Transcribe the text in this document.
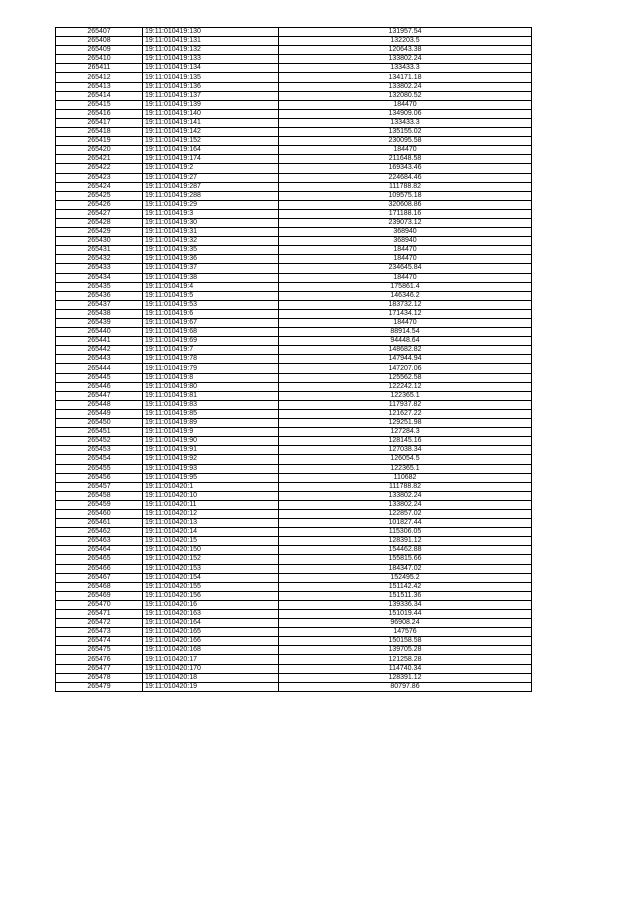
265407	19:11:010419:130	131957.54
265408	19:11:010419:131	132203.5
265409	19:11:010419:132	120643.38
265410	19:11:010419:133	133802.24
265411	19:11:010419:134	133433.3
265412	19:11:010419:135	134171.18
265413	19:11:010419:136	133802.24
265414	19:11:010419:137	132080.52
265415	19:11:010419:139	184470
265416	19:11:010419:140	134909.06
265417	19:11:010419:141	133433.3
265418	19:11:010419:142	135155.02
265419	19:11:010419:152	230095.58
265420	19:11:010419:164	184470
265421	19:11:010419:174	211648.58
265422	19:11:010419:2	169343.46
265423	19:11:010419:27	224684.46
265424	19:11:010419:287	111788.82
265425	19:11:010419:288	109575.18
265426	19:11:010419:29	320608.86
265427	19:11:010419:3	171188.16
265428	19:11:010419:30	239073.12
265429	19:11:010419:31	368940
265430	19:11:010419:32	368940
265431	19:11:010419:35	184470
265432	19:11:010419:36	184470
265433	19:11:010419:37	234645.84
265434	19:11:010419:38	184470
265435	19:11:010419:4	175861.4
265436	19:11:010419:5	146346.2
265437	19:11:010419:53	183732.12
265438	19:11:010419:6	171434.12
265439	19:11:010419:67	184470
265440	19:11:010419:68	88914.54
265441	19:11:010419:69	94448.64
265442	19:11:010419:7	148682.82
265443	19:11:010419:78	147944.94
265444	19:11:010419:79	147207.06
265445	19:11:010419:8	125562.58
265446	19:11:010419:80	122242.12
265447	19:11:010419:81	122365.1
265448	19:11:010419:83	117937.82
265449	19:11:010419:85	121627.22
265450	19:11:010419:89	129251.98
265451	19:11:010419:9	127284.3
265452	19:11:010419:90	128145.16
265453	19:11:010419:91	127038.34
265454	19:11:010419:92	126054.5
265455	19:11:010419:93	122365.1
265456	19:11:010419:95	110682
265457	19:11:010420:1	111788.82
265458	19:11:010420:10	133802.24
265459	19:11:010420:11	133802.24
265460	19:11:010420:12	122857.02
265461	19:11:010420:13	101827.44
265462	19:11:010420:14	115306.05
265463	19:11:010420:15	128391.12
265464	19:11:010420:150	154462.88
265465	19:11:010420:152	155815.66
265466	19:11:010420:153	184347.02
265467	19:11:010420:154	152495.2
265468	19:11:010420:155	151142.42
265469	19:11:010420:156	151511.36
265470	19:11:010420:16	139336.34
265471	19:11:010420:163	151019.44
265472	19:11:010420:164	96908.24
265473	19:11:010420:165	147576
265474	19:11:010420:166	150158.58
265475	19:11:010420:168	139705.28
265476	19:11:010420:17	121258.28
265477	19:11:010420:170	114740.34
265478	19:11:010420:18	128391.12
265479	19:11:010420:19	80797.86
